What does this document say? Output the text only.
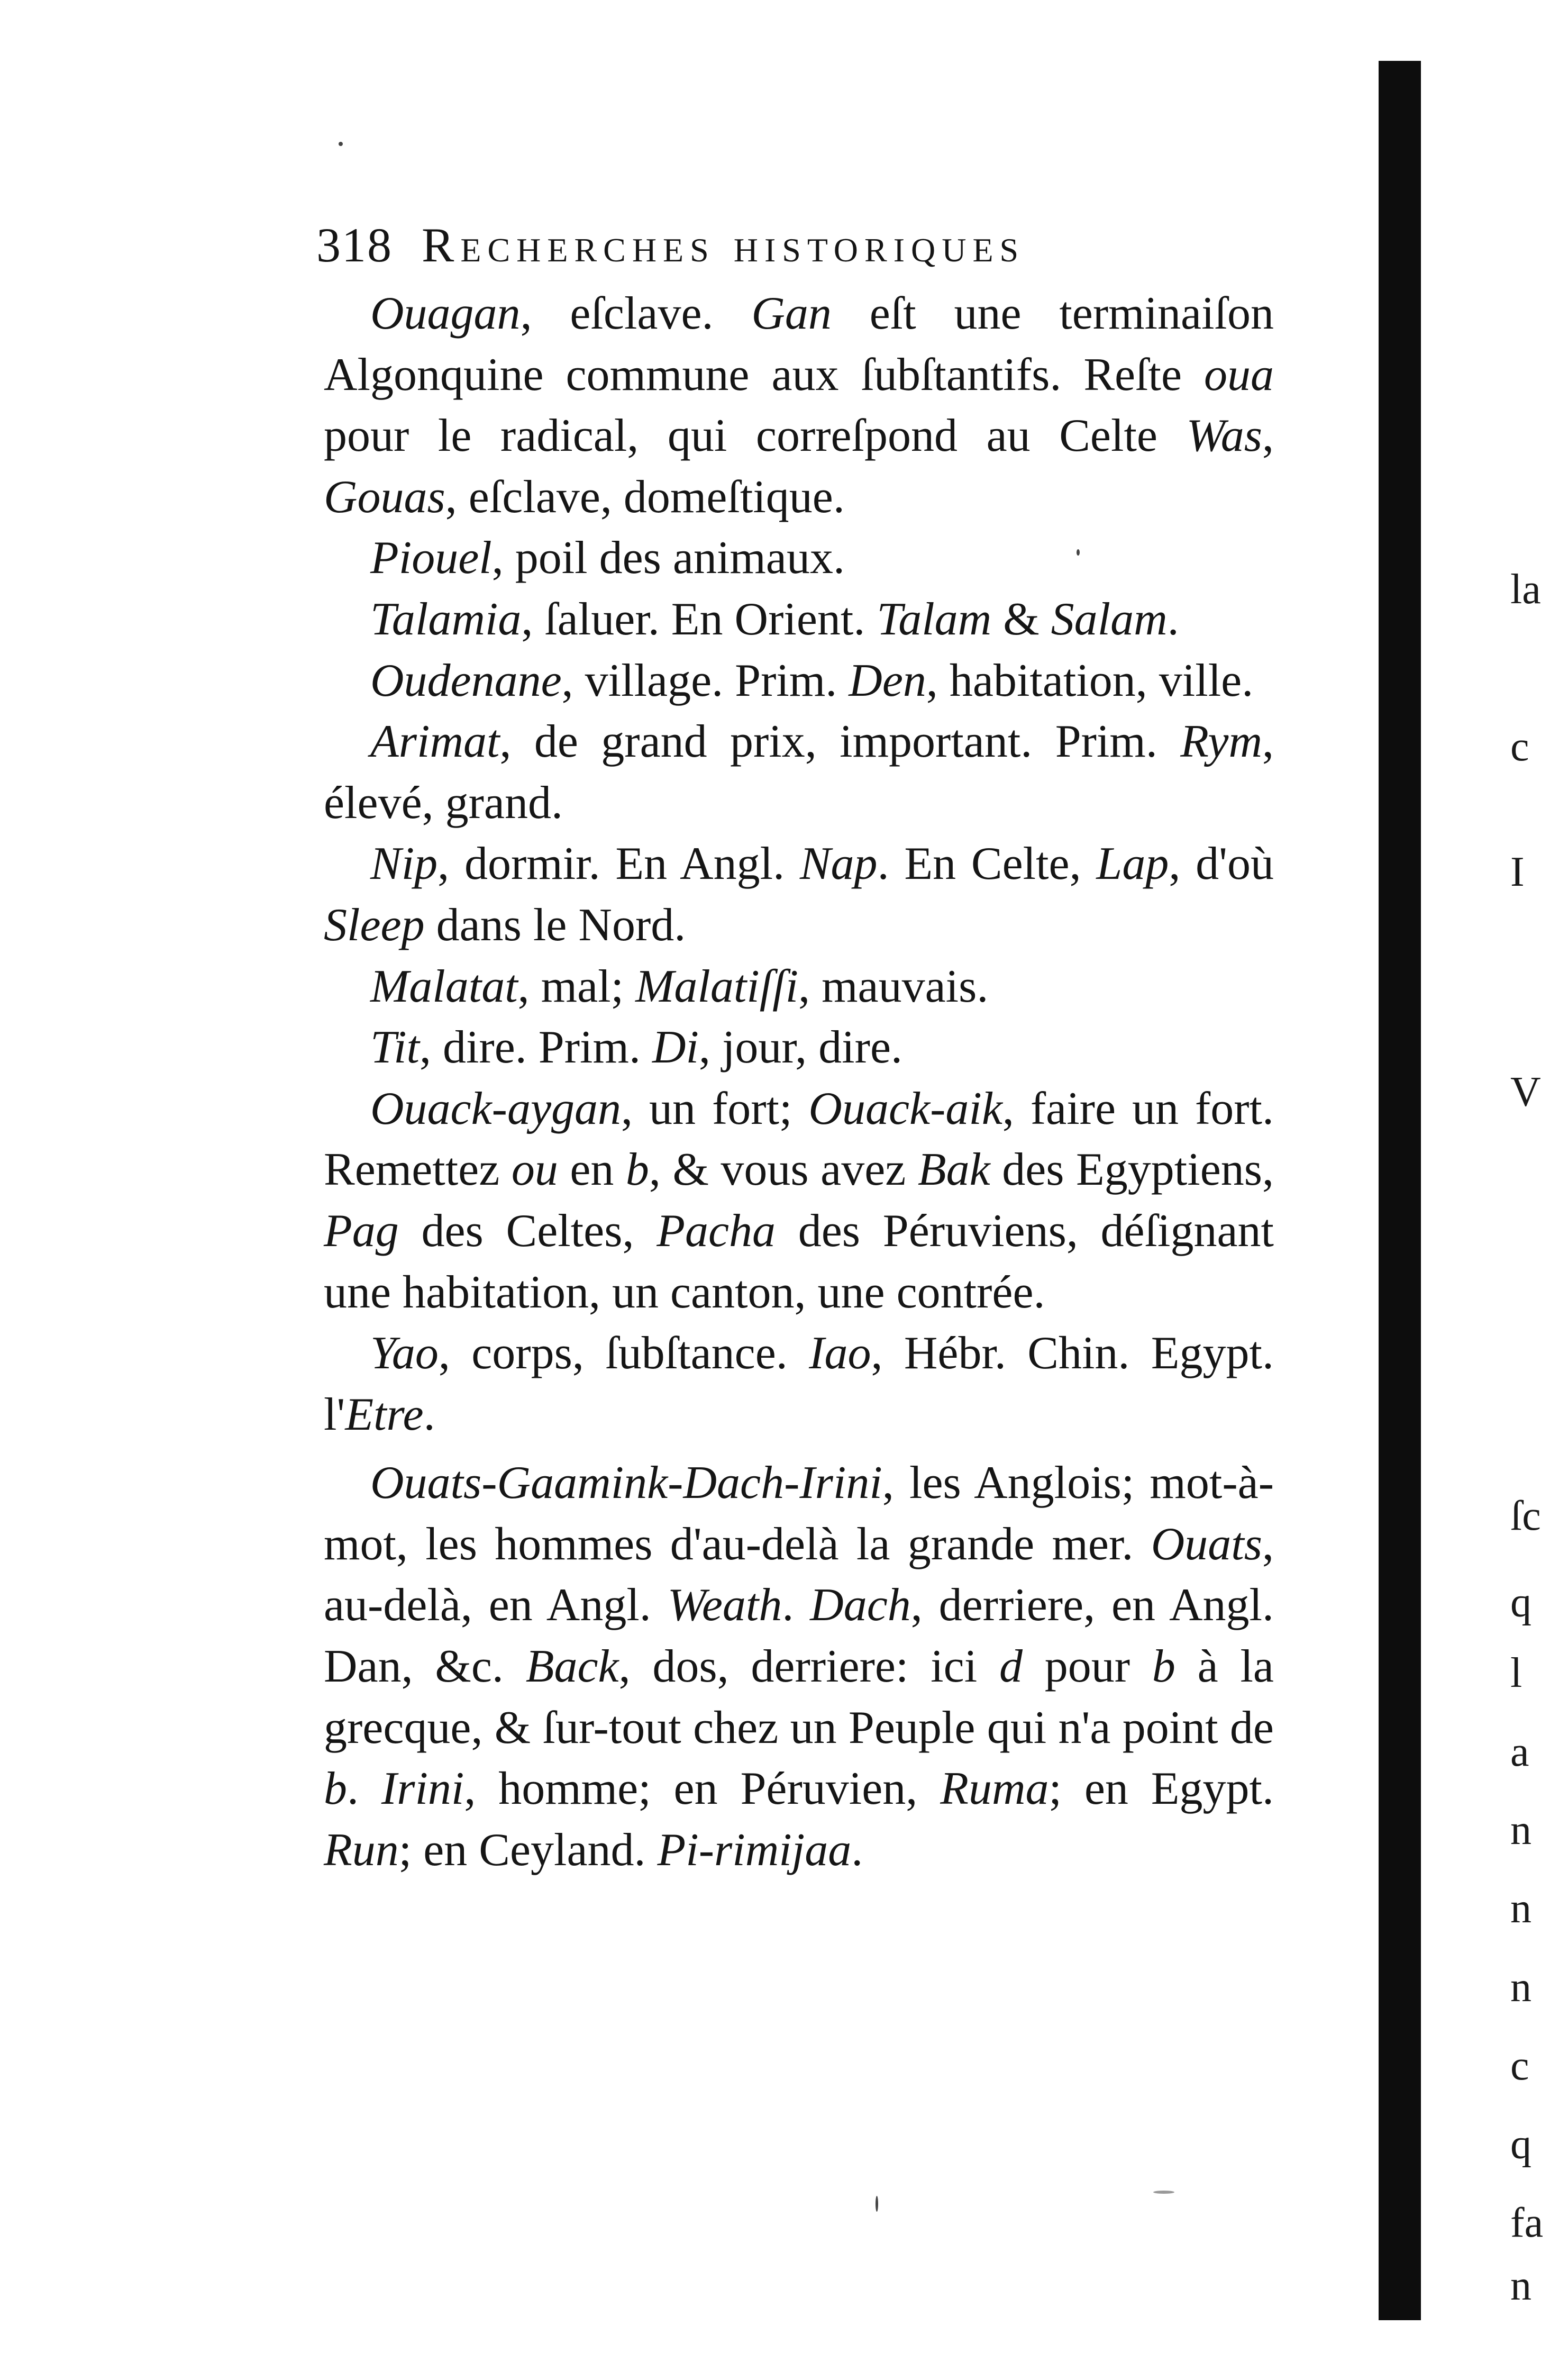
318 Recherches historiques

Ouagan, eſclave. Gan eſt une terminaiſon Algonquine commune aux ſubſtantifs. Reſte oua pour le radical, qui correſpond au Celte Was, Gouas, eſclave, domeſtique.

Piouel, poil des animaux.

Talamia, ſaluer. En Orient. Talam & Salam.

Oudenane, village. Prim. Den, habitation, ville.

Arimat, de grand prix, important. Prim. Rym, élevé, grand.

Nip, dormir. En Angl. Nap. En Celte, Lap, d'où Sleep dans le Nord.

Malatat, mal; Malatiſſi, mauvais.

Tit, dire. Prim. Di, jour, dire.

Ouack-aygan, un fort; Ouack-aik, faire un fort. Remettez ou en b, & vous avez Bak des Egyptiens, Pag des Celtes, Pacha des Péruviens, déſignant une habitation, un canton, une contrée.

Yao, corps, ſubſtance. Iao, Hébr. Chin. Egypt. l'Etre.

Ouats-Gaamink-Dach-Irini, les Anglois; mot-à-mot, les hommes d'au-delà la grande mer. Ouats, au-delà, en Angl. Weath. Dach, derriere, en Angl. Dan, &c. Back, dos, derriere: ici d pour b à la grecque, & ſur-tout chez un Peuple qui n'a point de b. Irini, homme; en Péruvien, Ruma; en Egypt. Run; en Ceyland. Pi-rimijaa.

la
c
I
V
ſc
q
l
a
n
n
n
c
q
fa
n
